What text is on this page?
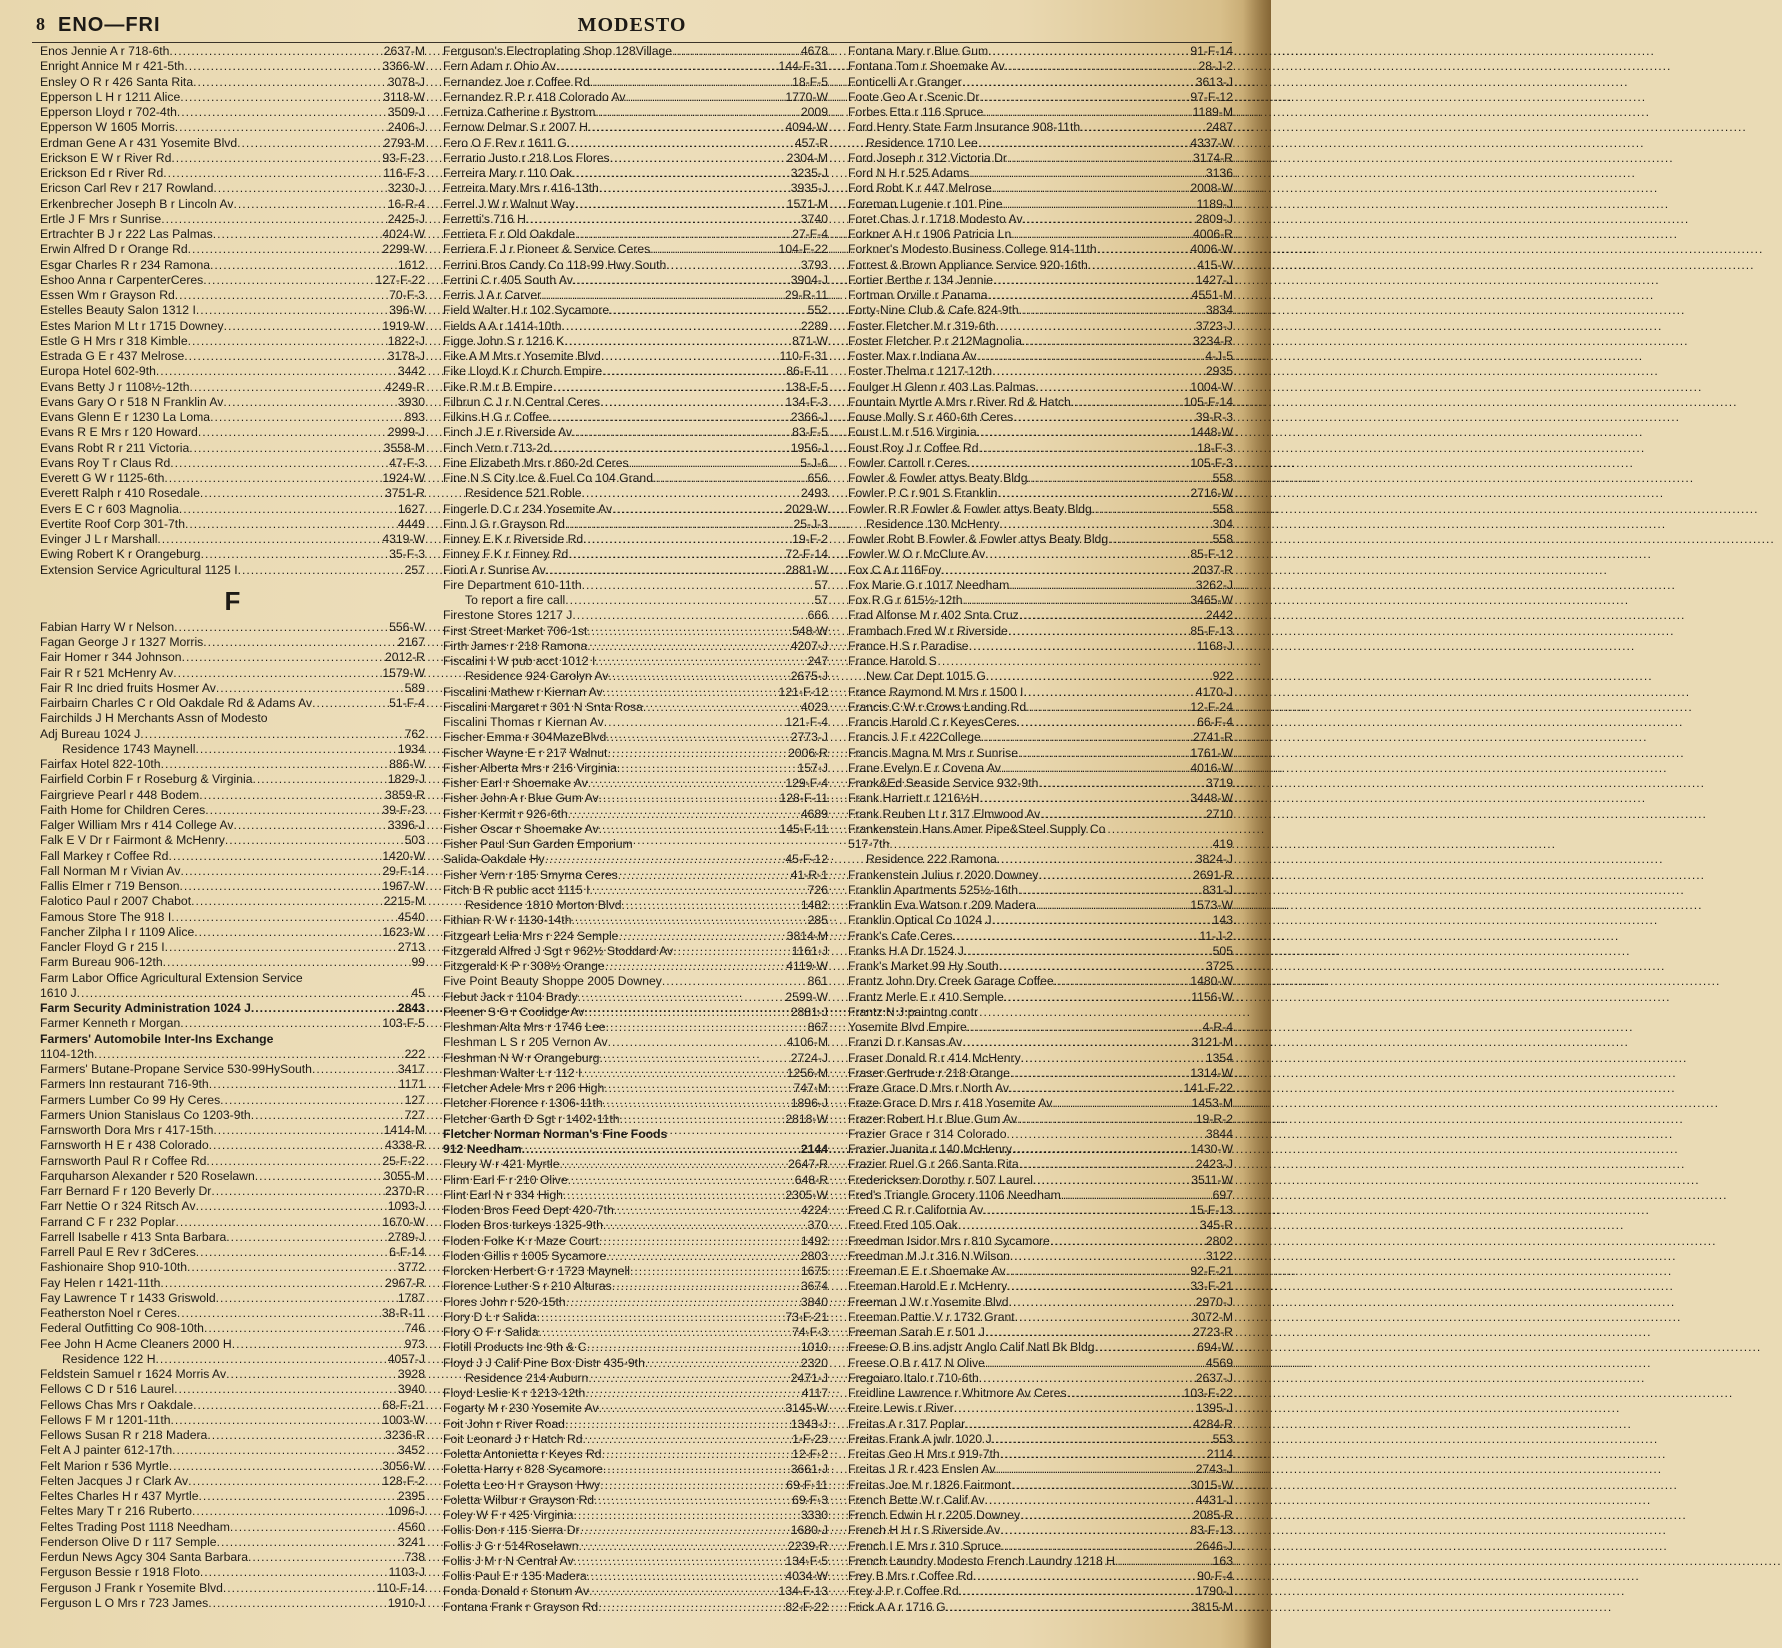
8 ENO—FRI	MODESTO
Enos Jennie A r 718-6th .....	2637-M
Enright Annice M r 421-5th .....	3366-W
Ensley O R r 426 Santa Rita .....	3078-J
Epperson L H r 1211 Alice .....	3118-W
Epperson Lloyd r 702-4th .....	3509-J
Epperson W 1605 Morris .....	2406-J
Erdman Gene A r 431 Yosemite Blvd .....	2793-M
Erickson E W r River Rd .....	93-F-23
Erickson Ed r River Rd .....	116-F-3
Ericson Carl Rev r 217 Rowland .....	3230-J
Erkenbrecher Joseph B r Lincoln Av .....	16-R-4
Ertle J F Mrs r Sunrise .....	2425-J
Ertrachter B J r 222 Las Palmas .....	4024-W
Erwin Alfred D r Orange Rd .....	2299-W
Esgar Charles R r 234 Ramona .....	1612
Eshoo Anna r CarpenterCeres .....	127-F-22
Essen Wm r Grayson Rd .....	70-F-3
Estelles Beauty Salon 1312 I .....	396-W
Estes Marion M Lt r 1715 Downey .....	1919-W
Estle G H Mrs r 318 Kimble .....	1822-J
Estrada G E r 437 Melrose .....	3178-J
Europa Hotel 602-9th .....	3442
Evans Betty J r 1108½-12th .....	4249-R
Evans Gary O r 518 N Franklin Av .....	3930
Evans Glenn E r 1230 La Loma .....	893
Evans R E Mrs r 120 Howard .....	2999-J
Evans Robt R r 211 Victoria .....	3558-M
Evans Roy T r Claus Rd .....	47-F-3
Everett G W r 1125-6th .....	1924-W
Everett Ralph r 410 Rosedale .....	3751-R
Evers E C r 603 Magnolia .....	1627
Evertite Roof Corp 301-7th .....	4449
Evinger J L r Marshall .....	4319-W
Ewing Robert K r Orangeburg .....	35-F-3
Extension Service Agricultural 1125 I .....	257
F
Fabian Harry W r Nelson .....	556-W
Fagan George J r 1327 Morris .....	2167
Fair Homer r 344 Johnson .....	2012-R
Fair R r 521 McHenry Av .....	1579-W
Fair R Inc dried fruits Hosmer Av .....	589
Fairbairn Charles C r Old Oakdale Rd & Adams Av .....	51-F-4
Fairchilds J H Merchants Assn of Modesto
Adj Bureau 1024 J .....	762
Residence 1743 Maynell .....	1934
Fairfax Hotel 822-10th .....	886-W
Fairfield Corbin F r Roseburg & Virginia .....	1829-J
Fairgrieve Pearl r 448 Bodem .....	3859-R
Faith Home for Children Ceres .....	39-F-23
Falger William Mrs r 414 College Av .....	3396-J
Falk E V Dr r Fairmont & McHenry .....	503
Fall Markey r Coffee Rd .....	1420-W
Fall Norman M r Vivian Av .....	29-F-14
Fallis Elmer r 719 Benson .....	1967-W
Falotico Paul r 2007 Chabot .....	2215-M
Famous Store The 918 I .....	4540
Fancher Zilpha I r 1109 Alice .....	1623-W
Fancler Floyd G r 215 I .....	2713
Farm Bureau 906-12th .....	99
Farm Labor Office Agricultural Extension Service
1610 J .....	45
Farm Security Administration 1024 J .....	2843
Farmer Kenneth r Morgan .....	103-F-5
Farmers' Automobile Inter-Ins Exchange
1104-12th .....	222
Farmers' Butane-Propane Service 530-99HySouth .....	3417
Farmers Inn restaurant 716-9th .....	1171
Farmers Lumber Co 99 Hy Ceres .....	127
Farmers Union Stanislaus Co 1203-9th .....	727
Farnsworth Dora Mrs r 417-15th .....	1414-M
Farnsworth H E r 438 Colorado .....	4338-R
Farnsworth Paul R r Coffee Rd .....	25-F-22
Farquharson Alexander r 520 Roselawn .....	3055-M
Farr Bernard F r 120 Beverly Dr .....	2370-R
Farr Nettie O r 324 Ritsch Av .....	1093-J
Farrand C F r 232 Poplar .....	1670-W
Farrell Isabelle r 413 Snta Barbara .....	2789-J
Farrell Paul E Rev r 3dCeres .....	6-F-14
Fashionaire Shop 910-10th .....	3772
Fay Helen r 1421-11th .....	2967-R
Fay Lawrence T r 1433 Griswold .....	1787
Featherston Noel r Ceres .....	38-R-11
Federal Outfitting Co 908-10th .....	746
Fee John H Acme Cleaners 2000 H .....	973
Residence 122 H .....	4057-J
Feldstein Samuel r 1624 Morris Av .....	3928
Fellows C D r 516 Laurel .....	3940
Fellows Chas Mrs r Oakdale .....	68-F-21
Fellows F M r 1201-11th .....	1003-W
Fellows Susan R r 218 Madera .....	3236-R
Felt A J painter 612-17th .....	3452
Felt Marion r 536 Myrtle .....	3056-W
Felten Jacques J r Clark Av .....	128-F-2
Feltes Charles H r 437 Myrtle .....	2395
Feltes Mary T r 216 Ruberto .....	1096-J
Feltes Trading Post 1118 Needham .....	4560
Fenderson Olive D r 117 Semple .....	3241
Ferdun News Agcy 304 Santa Barbara .....	738
Ferguson Bessie r 1918 Floto .....	1103-J
Ferguson J Frank r Yosemite Blvd .....	110-F-14
Ferguson L O Mrs r 723 James .....	1910-J
Ferguson's Electroplating Shop 128Village .....	4678
Fern Adam r Ohio Av .....	144-F-31
Fernandez Joe r Coffee Rd .....	18-F-5
Fernandez R P r 418 Colorado Av .....	1770-W
Ferniza Catherine r Bystrom .....	2009
Fernow Delmar S r 2007 H .....	4094-W
Fero O F Rev r 1611 G .....	457-R
Ferrario Justo r 218 Los Flores .....	2304-M
Ferreira Mary r 110 Oak .....	3235-J
Ferreira Mary Mrs r 416-13th .....	3935-J
Ferrel J W r Walnut Way .....	1571-M
Ferretti's 716 H .....	3740
Ferriera F r Old Oakdale .....	27-F-4
Ferriera F J r Pioneer & Service Ceres .....	104-F-22
Ferrini Bros Candy Co 118-99 Hwy South .....	3793
Ferrini C r 405 South Av .....	3904-J
Ferris J A r Carver .....	29-R-11
Field Walter H r 102 Sycamore .....	552
Fields A A r 1414-10th .....	2289
Figge John S r 1216 K .....	871-W
Fike A M Mrs r Yosemite Blvd .....	110-F-31
Fike Lloyd K r Church Empire .....	86-F-11
Fike R M r B Empire .....	138-F-5
Filbrun C J r N Central Ceres .....	134-F-3
Filkins H G r Coffee .....	2366-J
Finch J E r Riverside Av .....	83-F-5
Finch Vern r 713-2d .....	1956-J
Fine Elizabeth Mrs r 860-2d Ceres .....	5-J-6
Fine N S City Ice & Fuel Co 104 Grand .....	656
Residence 521 Roble .....	2493
Fingerle D C r 234 Yosemite Av .....	2029-W
Finn J G r Grayson Rd .....	25-J-3
Finney E K r Riverside Rd .....	19-F-2
Finney F K r Finney Rd .....	72-F-14
Fiori A r Sunrise Av .....	2881-W
Fire Department 610-11th .....	57
To report a fire call .....	57
Firestone Stores 1217 J .....	666
First Street Market 706-1st .....	548-W
Firth James r 218 Ramona .....	4207-J
Fiscalini I W pub acct 1012 I .....	247
Residence 924 Carolyn Av .....	2675-J
Fiscalini Mathew r Kiernan Av .....	121-F-12
Fiscalini Margaret r 301 N Snta Rosa .....	4023
Fiscalini Thomas r Kiernan Av .....	121-F-4
Fischer Emma r 304MazeBlvd .....	2773-J
Fischer Wayne E r 217 Walnut .....	2006-R
Fisher Alberta Mrs r 216 Virginia .....	157-J
Fisher Earl r Shoemake Av .....	129-F-4
Fisher John A r Blue Gum Av .....	128-F-11
Fisher Kermit r 926-6th .....	4689
Fisher Oscar r Shoemake Av .....	145-F-11
Fisher Paul Sun Garden Emporium
Salida-Oakdale Hy .....	45-F-12
Fisher Vern r 185 Smyrna Ceres .....	41-R-1
Fitch B R public acct 1115 I .....	726
Residence 1810 Morton Blvd .....	1482
Fithian R W r 1130-14th .....	285
Fitzgearl Lelia Mrs r 224 Semple .....	3814-M
Fitzgerald Alfred J Sgt r 962½ Stoddard Av .....	1161-J
Fitzgerald K P r 308½ Orange .....	4119-W
Five Point Beauty Shoppe 2005 Downey .....	861
Flebut Jack r 1104 Brady .....	2599-W
Fleener S G r Coolidge Av .....	2881-J
Fleshman Alta Mrs r 1746 Lee .....	867
Fleshman L S r 205 Vernon Av .....	4106-M
Fleshman N W r Orangeburg .....	2724-J
Fleshman Walter L r 112 I .....	1256-M
Fletcher Adele Mrs r 206 High .....	747-M
Fletcher Florence r 1306-11th .....	1896-J
Fletcher Garth D Sgt r 1402-11th .....	2818-W
Fletcher Norman Norman's Fine Foods
912 Needham .....	2144
Fleury W r 421 Myrtle .....	2647-R
Flinn Earl F r 210 Olive .....	648-R
Flint Earl N r 334 High .....	2305-W
Floden Bros Feed Dept 420-7th .....	4224
Floden Bros turkeys 1325-9th .....	370
Floden Folke K r Maze Court .....	1492
Floden Gillis r 1005 Sycamore .....	2803
Florcken Herbert G r 1723 Maynell .....	1675
Florence Luther S r 210 Alturas .....	3674
Flores John r 520-15th .....	3840
Flory D L r Salida .....	73-F-21
Flory O F r Salida .....	74-F-3
Flotill Products Inc 9th & C .....	1010
Floyd J J Calif Pine Box Distr 435-9th .....	2320
Residence 214 Auburn .....	2471-J
Floyd Leslie K r 1213-12th .....	4117
Fogarty M r 230 Yosemite Av .....	3145-W
Foit John r River Road .....	1343-J
Foit Leonard J r Hatch Rd .....	1-F-23
Foletta Antonietta r Keyes Rd .....	12-F-2
Foletta Harry r 828 Sycamore .....	3661-J
Foletta Leo H r Grayson Hwy .....	69-F-11
Foletta Wilbur r Grayson Rd .....	69-F-3
Foley W F r 425 Virginia .....	3330
Follis Don r 115 Sierra Dr .....	1680-J
Follis J G r 514Roselawn .....	2239-R
Follis J M r N Central Av .....	134-F-5
Follis Paul E r 135 Madera .....	4034-W
Fonda Donald r Stonum Av .....	134-F-13
Fontana Frank r Grayson Rd .....	82-F-22
Fontana Mary r Blue Gum .....	91-F-14
Fontana Tom r Shoemake Av .....	28-J-2
Fonticelli A r Granger .....	3613-J
Foote Geo A r Scenic Dr .....	97-F-12
Forbes Etta r 116 Spruce .....	1189-M
Ford Henry State Farm Insurance 908-11th .....	2487
Residence 1710 Lee .....	4337-W
Ford Joseph r 312 Victoria Dr .....	3174-R
Ford N H r 525 Adams .....	3136
Ford Robt K r 447 Melrose .....	2008-W
Foreman Lugenie r 101 Pine .....	1189-J
Foret Chas J r 1718 Modesto Av .....	2809-J
Forkner A H r 1906 Patricia Ln .....	4006-R
Forkner's Modesto Business College 914-11th .....	4006-W
Forrest & Brown Appliance Service 920-16th .....	415-W
Fortier Berthe r 134 Jennie .....	1427-J
Fortman Orville r Panama .....	4551-M
Forty-Nine Club & Cafe 824-9th .....	3834
Foster Fletcher M r 319-6th .....	3723-J
Foster Fletcher P r 212Magnolia .....	3234-R
Foster Max r Indiana Av .....	4-J-5
Foster Thelma r 1217-12th .....	2935
Foulger H Glenn r 403 Las Palmas .....	1004-W
Fountain Myrtle A Mrs r River Rd & Hatch .....	105-F-14
Fouse Molly S r 460-6th Ceres .....	39-R-3
Foust L M r 516 Virginia .....	1448-W
Foust Roy J r Coffee Rd .....	18-F-3
Fowler Carroll r Ceres .....	105-F-3
Fowler & Fowler attys Beaty Bldg .....	558
Fowler P C r 901 S Franklin .....	2716-W
Fowler R R Fowler & Fowler attys Beaty Bldg .....	558
Residence 130 McHenry .....	304
Fowler Robt B Fowler & Fowler attys Beaty Bldg .....	558
Fowler W O r McClure Av .....	85-F-12
Fox C A r 116Foy .....	2037-R
Fox Marie G r 1017 Needham .....	3262-J
Fox R G r 615½-12th .....	3465-W
Frad Alfonse M r 402 Snta Cruz .....	2442
Frambach Fred W r Riverside .....	85-F-13
France H S r Paradise .....	1168-J
France Harold S
New Car Dept 1015 G .....	922
France Raymond M Mrs r 1500 I .....	4170-J
Francis C W r Crows Landing Rd .....	12-F-24
Francis Harold C r KeyesCeres .....	66-F-4
Francis J F r 422College .....	2741-R
Francis Magna M Mrs r Sunrise .....	1761-W
Frane Evelyn E r Covena Av .....	4016-W
Frank&Ed Seaside Service 932-9th .....	3719
Frank Harriett r 1216½H .....	3448-W
Frank Reuben Lt r 317 Elmwood Av .....	2710
Frankenstein Hans Amer Pipe&Steel Supply Co
517-7th .....	419
Residence 222 Ramona .....	3824-J
Frankenstein Julius r 2020 Downey .....	2691-R
Franklin Apartments 525½-16th .....	831-J
Franklin Eva Watson r 209 Madera .....	1573-W
Franklin Optical Co 1024 J .....	143
Frank's Cafe Ceres .....	11-J-2
Franks H A Dr 1524 J .....	505
Frank's Market 99 Hy South .....	3725
Frantz John Dry Creek Garage Coffee .....	1480-W
Frantz Merle E r 410 Semple .....	1156-W
Frantz N J paintng contr
Yosemite Blvd Empire .....	4-R-4
Franzi D r Kansas Av .....	3121-M
Fraser Donald R r 414 McHenry .....	1354
Fraser Gertrude r 218 Orange .....	1314-W
Fraze Grace D Mrs r North Av .....	141-F-22
Fraze Grace D Mrs r 418 Yosemite Av .....	1453-M
Frazer Robert H r Blue Gum Av .....	19-R-2
Frazier Grace r 314 Colorado .....	3844
Frazier Juanita r 140 McHenry .....	1430-W
Frazier Ruel G r 266 Santa Rita .....	2423-J
Fredericksen Dorothy r 507 Laurel .....	3511-W
Fred's Triangle Grocery 1106 Needham .....	697
Freed C R r California Av .....	15-F-13
Freed Fred 105 Oak .....	345-R
Freedman Isidor Mrs r 810 Sycamore .....	2802
Freedman M J r 316 N Wilson .....	3122
Freeman E E r Shoemake Av .....	92-F-21
Freeman Harold E r McHenry .....	33-F-21
Freeman J W r Yosemite Blvd .....	2970-J
Freeman Pattie V r 1732 Grant .....	3072-M
Freeman Sarah E r 501 J .....	2723-R
Freese O B ins adjstr Anglo Calif Natl Bk Bldg .....	694-W
Freese O B r 417 N Olive .....	4569
Fregoiaro Italo r 710-6th .....	2637-J
Freidline Lawrence r Whitmore Av Ceres .....	103-F-22
Freire Lewis r River .....	1395-J
Freitas A r 317 Poplar .....	4284-R
Freitas Frank A jwlr 1020 J .....	553
Freitas Geo H Mrs r 919-7th .....	2114
Freitas J R r 423 Enslen Av .....	2743-J
Freitas Joe M r 1826 Fairmont .....	3015-W
French Bette W r Calif Av .....	4431-J
French Edwin H r 2205 Downey .....	2085-R
French H H r S Riverside Av .....	83-F-13
French I E Mrs r 310 Spruce .....	2646-J
French Laundry Modesto French Laundry 1218 H .....	163
Frey B Mrs r Coffee Rd .....	90-F-4
Frey J P r Coffee Rd .....	1790-J
Frick A A r 1716 G .....	3815-M
